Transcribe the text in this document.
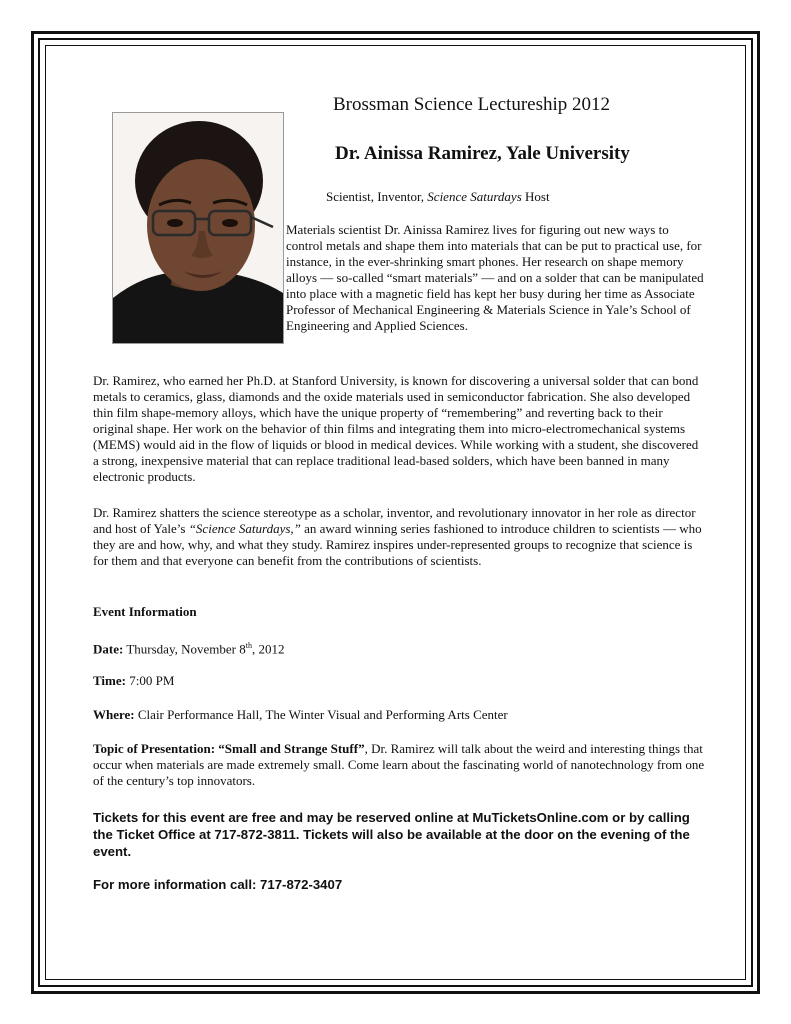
Brossman Science Lectureship 2012
Dr. Ainissa Ramirez, Yale University
Scientist, Inventor, Science Saturdays Host
Materials scientist Dr. Ainissa Ramirez lives for figuring out new ways to control metals and shape them into materials that can be put to practical use, for instance, in the ever-shrinking smart phones. Her research on shape memory alloys — so-called “smart materials” — and on a solder that can be manipulated into place with a magnetic field has kept her busy during her time as Associate Professor of Mechanical Engineering & Materials Science in Yale’s School of Engineering and Applied Sciences.
Dr. Ramirez, who earned her Ph.D. at Stanford University, is known for discovering a universal solder that can bond metals to ceramics, glass, diamonds and the oxide materials used in semiconductor fabrication. She also developed thin film shape-memory alloys, which have the unique property of “remembering” and reverting back to their original shape. Her work on the behavior of thin films and integrating them into micro-electromechanical systems (MEMS) would aid in the flow of liquids or blood in medical devices. While working with a student, she discovered a strong, inexpensive material that can replace traditional lead-based solders, which have been banned in many electronic products.
Dr. Ramirez shatters the science stereotype as a scholar, inventor, and revolutionary innovator in her role as director and host of Yale’s “Science Saturdays,” an award winning series fashioned to introduce children to scientists — who they are and how, why, and what they study. Ramirez inspires under-represented groups to recognize that science is for them and that everyone can benefit from the contributions of scientists.
Event Information
Date: Thursday, November 8th, 2012
Time: 7:00 PM
Where: Clair Performance Hall, The Winter Visual and Performing Arts Center
Topic of Presentation: “Small and Strange Stuff”, Dr. Ramirez will talk about the weird and interesting things that occur when materials are made extremely small. Come learn about the fascinating world of nanotechnology from one of the century’s top innovators.
Tickets for this event are free and may be reserved online at MuTicketsOnline.com or by calling the Ticket Office at 717-872-3811. Tickets will also be available at the door on the evening of the event.
For more information call: 717-872-3407
